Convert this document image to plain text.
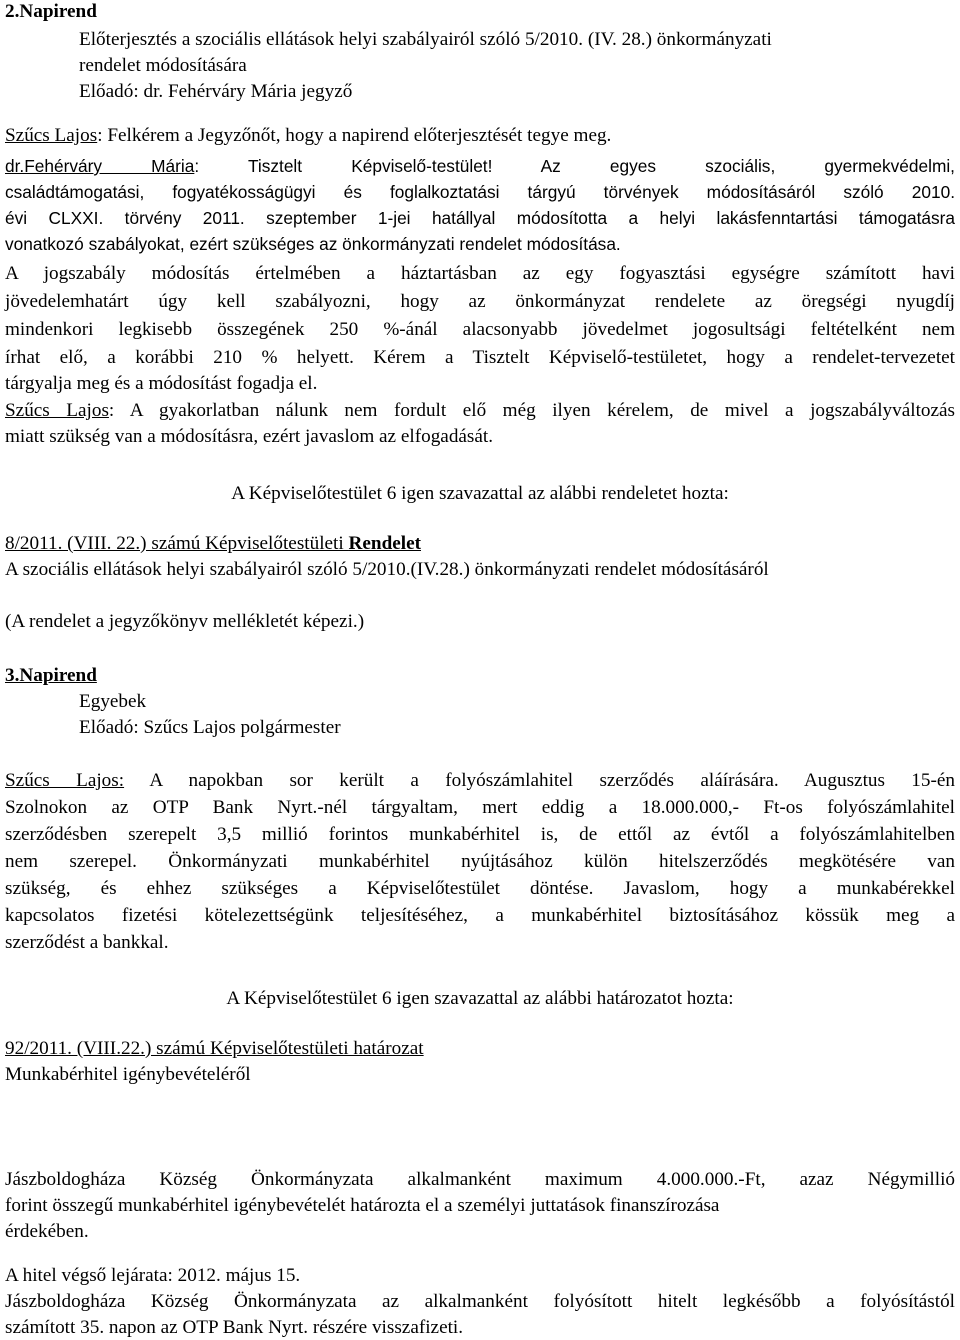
2.Napirend
Előterjesztés a szociális ellátások helyi szabályairól szóló 5/2010. (IV. 28.) önkormányzati
rendelet módosítására
Előadó: dr. Fehérváry Mária jegyző
Szűcs Lajos: Felkérem a Jegyzőnőt, hogy a napirend előterjesztését tegye meg.
dr.Fehérváry Mária: Tisztelt Képviselő-testület! Az egyes szociális, gyermekvédelmi,
családtámogatási, fogyatékosságügyi és foglalkoztatási tárgyú törvények módosításáról szóló 2010.
évi CLXXI. törvény 2011. szeptember 1-jei hatállyal módosította a helyi lakásfenntartási támogatásra
vonatkozó szabályokat, ezért szükséges az önkormányzati rendelet módosítása.
A jogszabály módosítás értelmében a háztartásban az egy fogyasztási egységre számított havi
jövedelemhatárt úgy kell szabályozni, hogy az önkormányzat rendelete az öregségi nyugdíj
mindenkori legkisebb összegének 250 %-ánál alacsonyabb jövedelmet jogosultsági feltételként nem
írhat elő, a korábbi 210 % helyett. Kérem a Tisztelt Képviselő-testületet, hogy a rendelet-tervezetet
tárgyalja meg és a módosítást fogadja el.
Szűcs Lajos: A gyakorlatban nálunk nem fordult elő még ilyen kérelem, de mivel a jogszabályváltozás
miatt szükség van a módosításra, ezért javaslom az elfogadását.
A Képviselőtestület 6 igen szavazattal az alábbi rendeletet hozta:
8/2011. (VIII. 22.) számú Képviselőtestületi Rendelet
A szociális ellátások helyi szabályairól szóló 5/2010.(IV.28.) önkormányzati rendelet módosításáról
(A rendelet a jegyzőkönyv mellékletét képezi.)
3.Napirend
Egyebek
Előadó: Szűcs Lajos polgármester
Szűcs Lajos: A napokban sor került a folyószámlahitel szerződés aláírására. Augusztus 15-én
Szolnokon az OTP Bank Nyrt.-nél tárgyaltam, mert eddig a 18.000.000,- Ft-os folyószámlahitel
szerződésben szerepelt 3,5 millió forintos munkabérhitel is, de ettől az évtől a folyószámlahitelben
nem szerepel. Önkormányzati munkabérhitel nyújtásához külön hitelszerződés megkötésére van
szükség, és ehhez szükséges a Képviselőtestület döntése. Javaslom, hogy a munkabérekkel
kapcsolatos fizetési kötelezettségünk teljesítéséhez, a munkabérhitel biztosításához kössük meg a
szerződést a bankkal.
A Képviselőtestület 6 igen szavazattal az alábbi határozatot hozta:
92/2011. (VIII.22.) számú Képviselőtestületi határozat
Munkabérhitel igénybevételéről
Jászboldogháza Község Önkormányzata alkalmanként maximum 4.000.000.-Ft, azaz Négymillió
forint összegű munkabérhitel igénybevételét határozta el a személyi juttatások finanszírozása
érdekében.
A hitel végső lejárata: 2012. május 15.
Jászboldogháza Község Önkormányzata az alkalmanként folyósított hitelt legkésőbb a folyósítástól
számított 35. napon az OTP Bank Nyrt. részére visszafizeti.
